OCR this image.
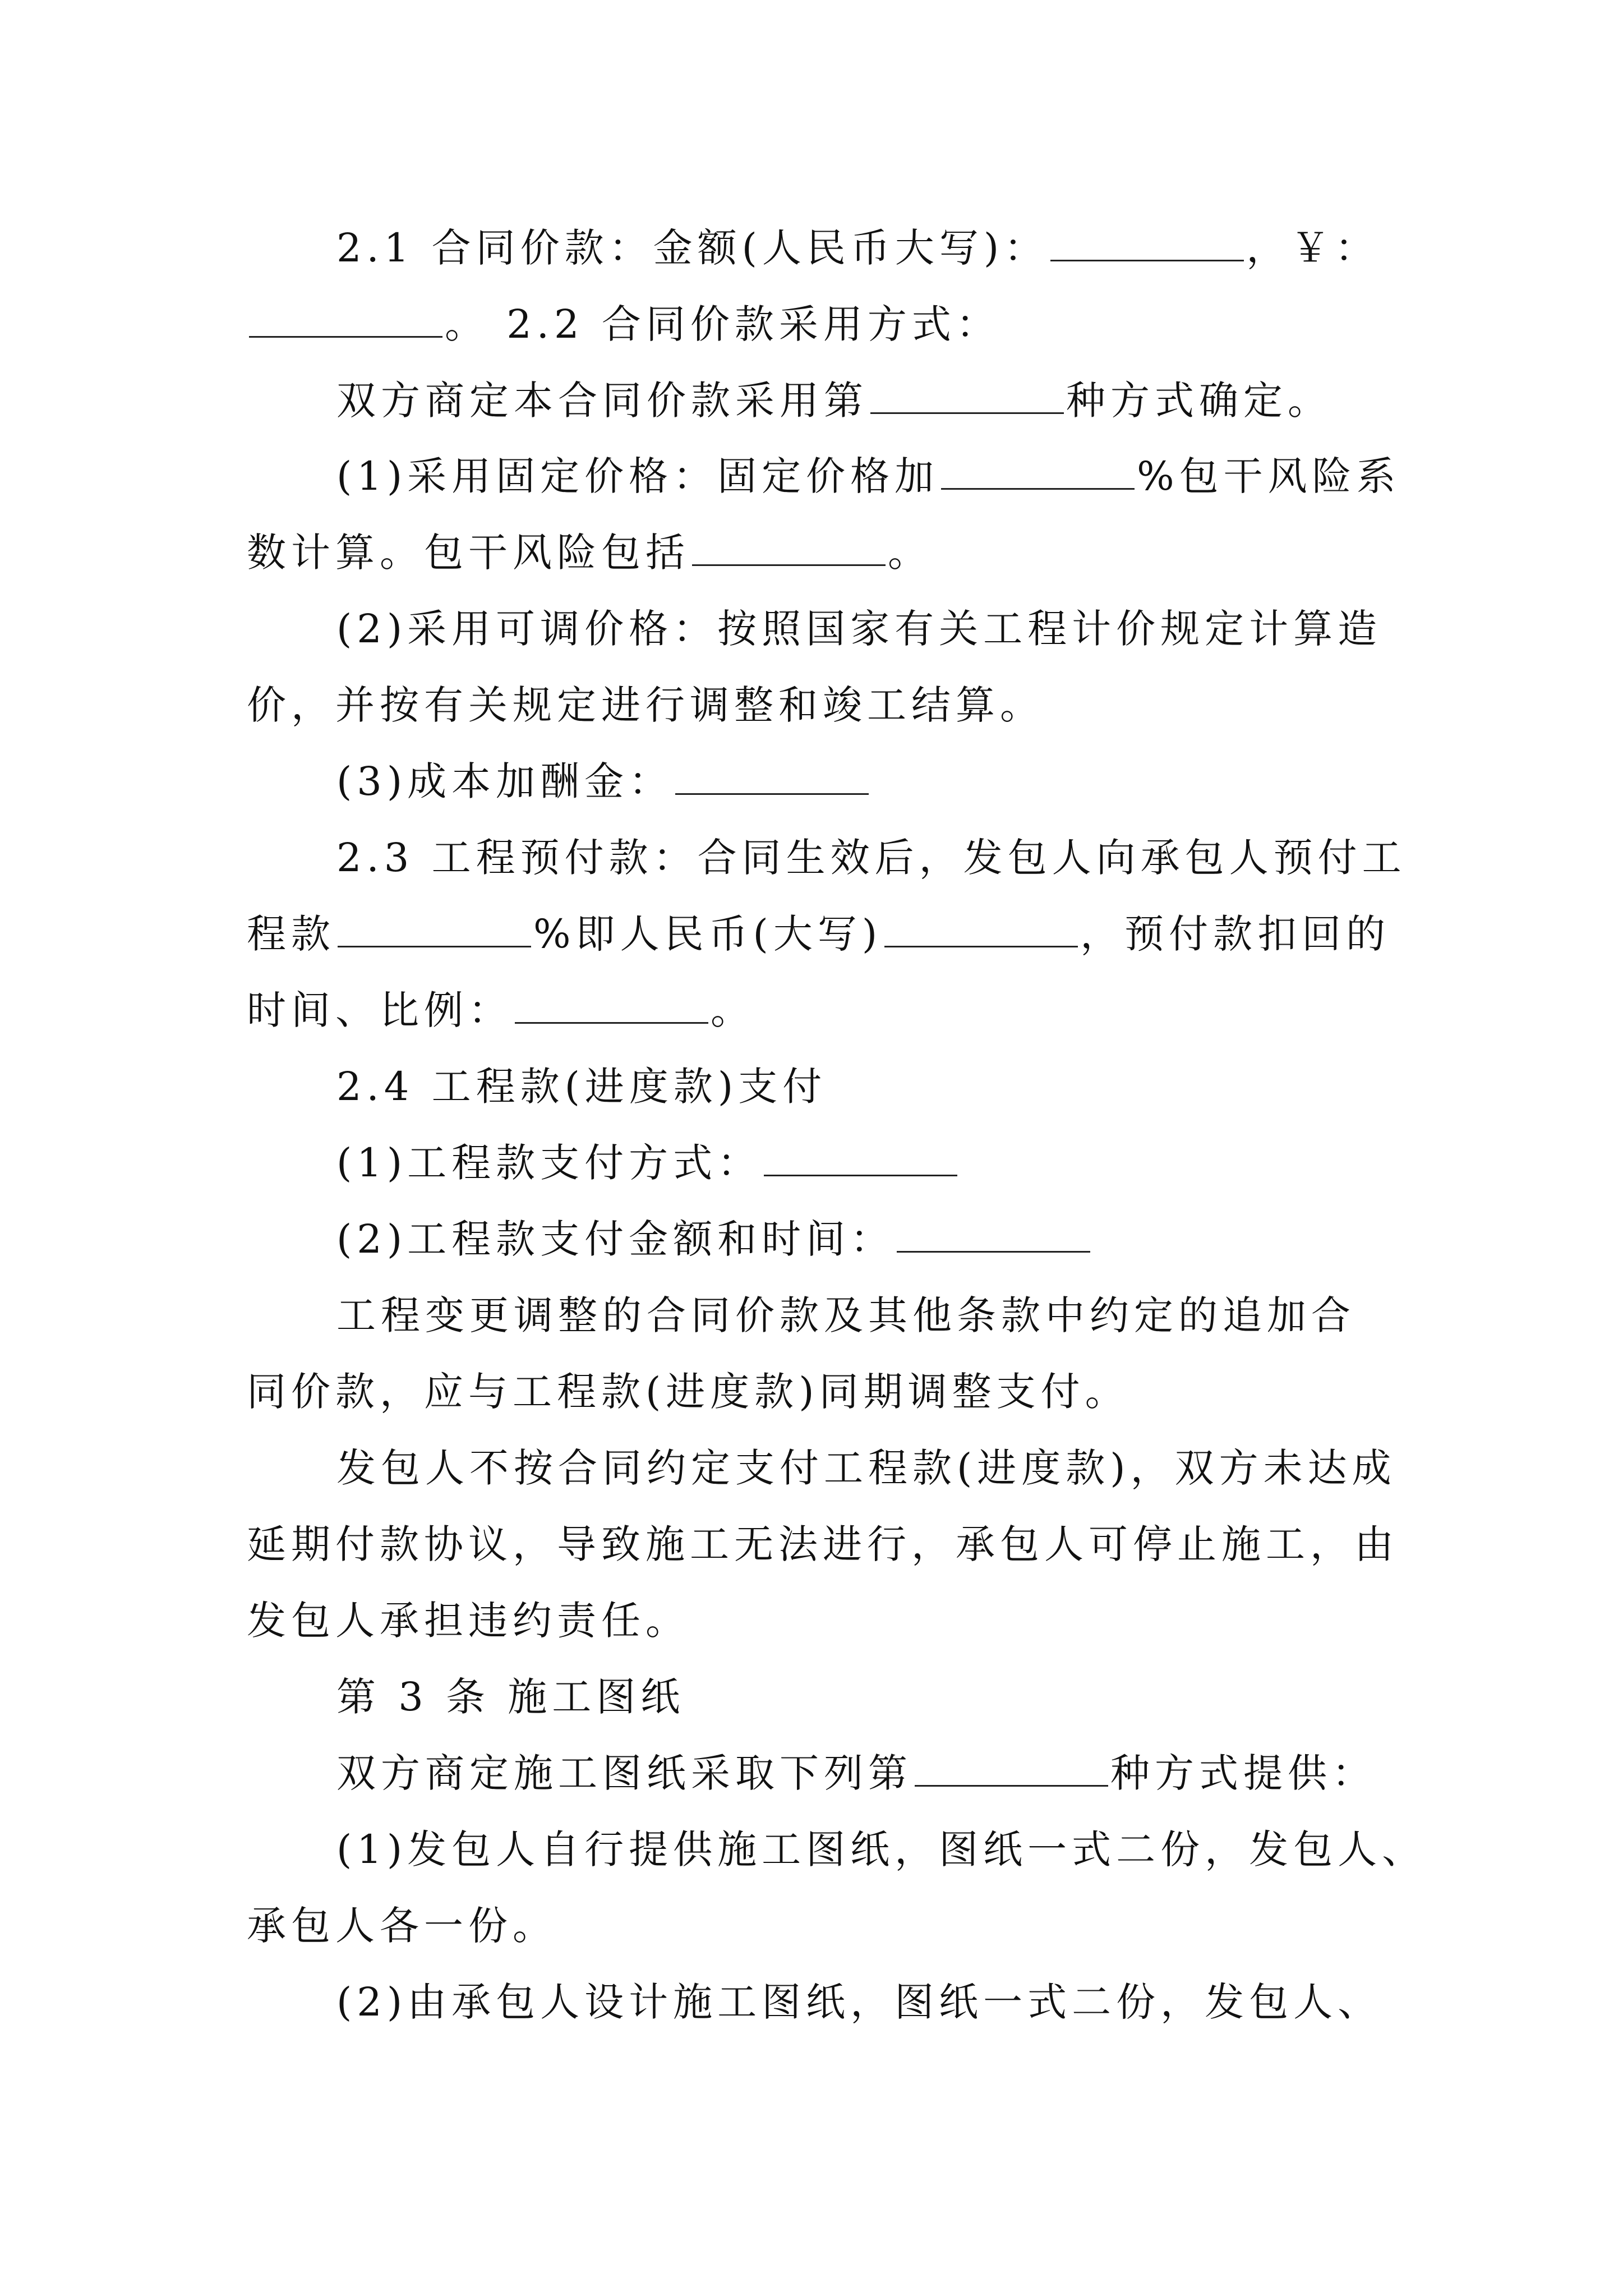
2.1 合同价款：金额(人民币大写)：	，￥：
。 2.2 合同价款采用方式：
双方商定本合同价款采用第	种方式确定。
(1)采用固定价格：固定价格加	%包干风险系
数计算。包干风险包括	。
(2)采用可调价格：按照国家有关工程计价规定计算造
价，并按有关规定进行调整和竣工结算。
(3)成本加酬金：
2.3 工程预付款：合同生效后，发包人向承包人预付工
程款	%即人民币(大写)	，预付款扣回的
时间、比例：	。
2.4 工程款(进度款)支付
(1)工程款支付方式：
(2)工程款支付金额和时间：
工程变更调整的合同价款及其他条款中约定的追加合
同价款，应与工程款(进度款)同期调整支付。
发包人不按合同约定支付工程款(进度款)，双方未达成
延期付款协议，导致施工无法进行，承包人可停止施工，由
发包人承担违约责任。
第 3 条 施工图纸
双方商定施工图纸采取下列第	种方式提供：
(1)发包人自行提供施工图纸，图纸一式二份，发包人、
承包人各一份。
(2)由承包人设计施工图纸，图纸一式二份，发包人、
